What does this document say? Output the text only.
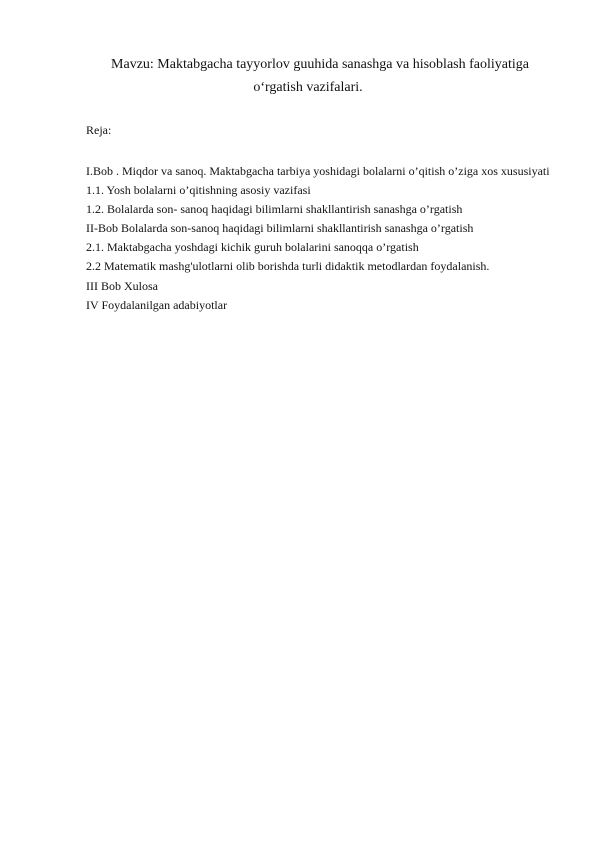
Mavzu: Maktabgacha tayyorlov guuhida sanashga va hisoblash faoliyatiga

o‘rgatish vazifalari.

Reja:

I.Bob . Miqdor va sanoq. Maktabgacha tarbiya yoshidagi bolalarni o’qitish o’ziga xos xususiyati
1.1. Yosh bolalarni o’qitishning asosiy vazifasi
1.2. Bolalarda son- sanoq haqidagi bilimlarni shakllantirish sanashga o’rgatish
II-Bob Bolalarda son-sanoq haqidagi bilimlarni shakllantirish sanashga o’rgatish
2.1. Maktabgacha yoshdagi kichik guruh bolalarini sanoqqa o’rgatish
2.2 Matematik mashg'ulotlarni olib borishda turli didaktik metodlardan foydalanish.
III Bob Xulosa
IV Foydalanilgan adabiyotlar
